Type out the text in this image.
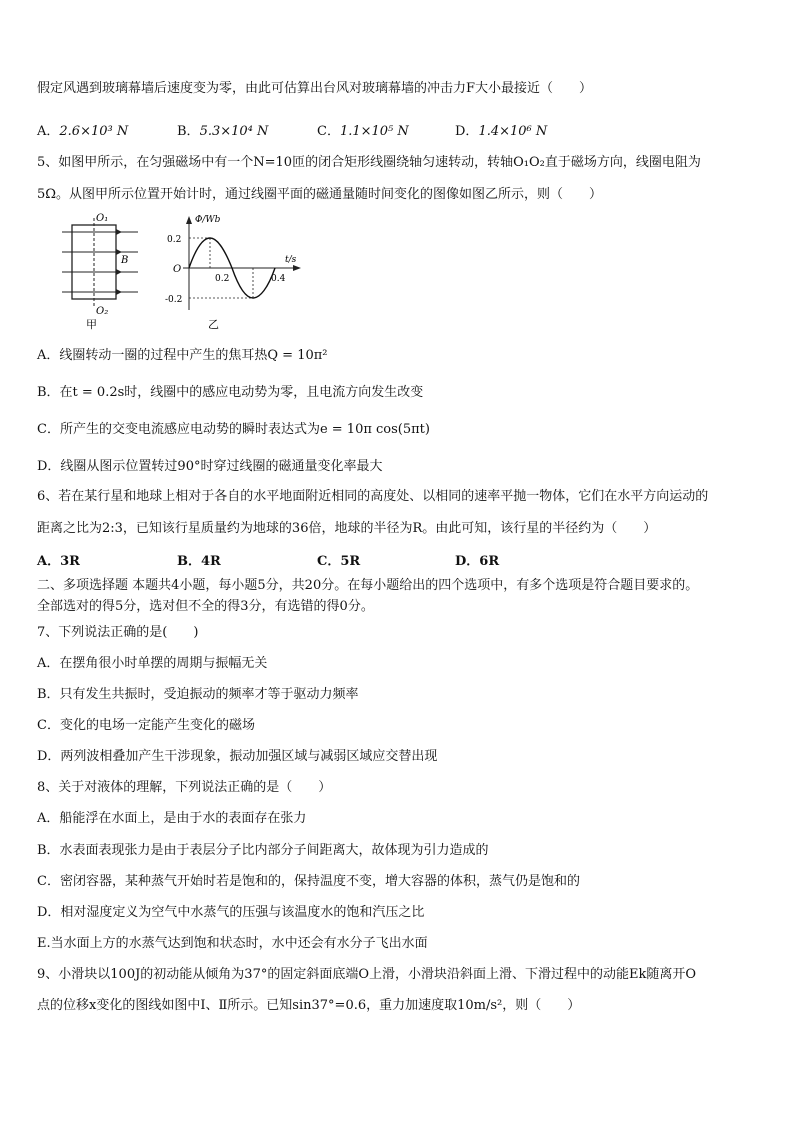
假定风遇到玻璃幕墙后速度变为零，由此可估算出台风对玻璃幕墙的冲击力F大小最接近（　　）
A．2.6×10³ N	B．5.3×10⁴ N	C．1.1×10⁵ N	D．1.4×10⁶ N
5、如图甲所示，在匀强磁场中有一个N=10匝的闭合矩形线圈绕轴匀速转动，转轴O₁O₂直于磁场方向，线圈电阻为
5Ω。从图甲所示位置开始计时，通过线圈平面的磁通量随时间变化的图像如图乙所示，则（　　）
O₁
O₂
B
甲
Φ/Wb
t/s
O
0.2
-0.2
0.2	0.4
乙
A．线圈转动一圈的过程中产生的焦耳热Q = 10π²
B．在t = 0.2s时，线圈中的感应电动势为零，且电流方向发生改变
C．所产生的交变电流感应电动势的瞬时表达式为e = 10π cos(5πt)
D．线圈从图示位置转过90°时穿过线圈的磁通量变化率最大
6、若在某行星和地球上相对于各自的水平地面附近相同的高度处、以相同的速率平抛一物体，它们在水平方向运动的
距离之比为2:3，已知该行星质量约为地球的36倍，地球的半径为R。由此可知，该行星的半径约为（　　）
A．3R	B．4R	C．5R	D．6R
二、多项选择题 本题共4小题，每小题5分，共20分。在每小题给出的四个选项中，有多个选项是符合题目要求的。
全部选对的得5分，选对但不全的得3分，有选错的得0分。
7、下列说法正确的是(　　)
A．在摆角很小时单摆的周期与振幅无关
B．只有发生共振时，受迫振动的频率才等于驱动力频率
C．变化的电场一定能产生变化的磁场
D．两列波相叠加产生干涉现象，振动加强区域与减弱区域应交替出现
8、关于对液体的理解，下列说法正确的是（　　）
A．船能浮在水面上，是由于水的表面存在张力
B．水表面表现张力是由于表层分子比内部分子间距离大，故体现为引力造成的
C．密闭容器，某种蒸气开始时若是饱和的，保持温度不变，增大容器的体积，蒸气仍是饱和的
D．相对湿度定义为空气中水蒸气的压强与该温度水的饱和汽压之比
E.当水面上方的水蒸气达到饱和状态时，水中还会有水分子飞出水面
9、小滑块以100J的初动能从倾角为37°的固定斜面底端O上滑，小滑块沿斜面上滑、下滑过程中的动能Ek随离开O
点的位移x变化的图线如图中Ⅰ、Ⅱ所示。已知sin37°=0.6，重力加速度取10m/s²，则（　　）
